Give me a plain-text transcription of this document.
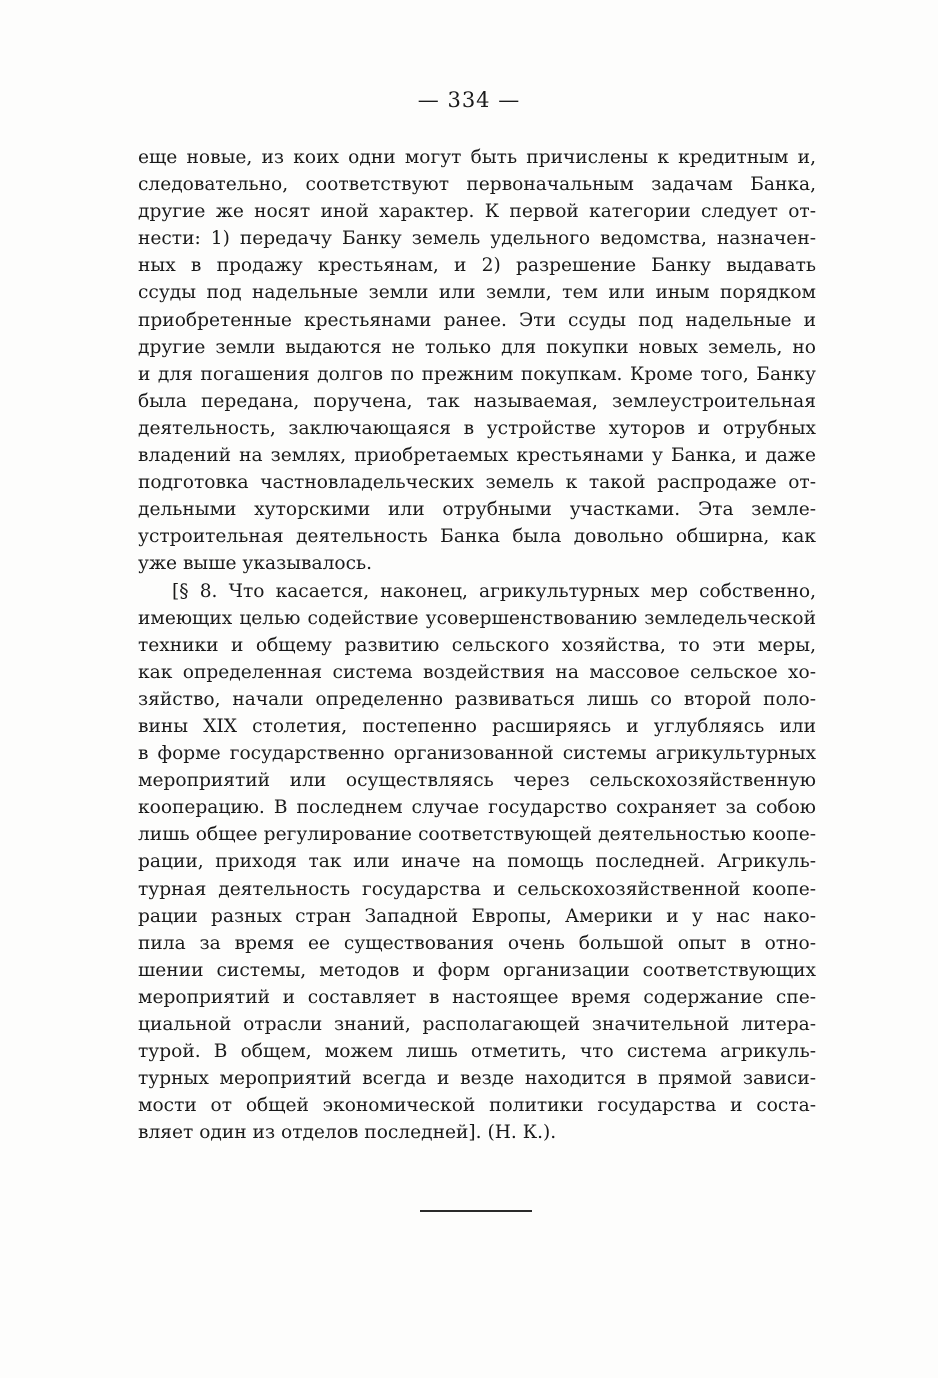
— 334 —
еще новые, из коих одни могут быть причислены к кредитным и,
следовательно, соответствуют первоначальным задачам Банка,
другие же носят иной характер. К первой категории следует от-
нести: 1) передачу Банку земель удельного ведомства, назначен-
ных в продажу крестьянам, и 2) разрешение Банку выдавать
ссуды под надельные земли или земли, тем или иным порядком
приобретенные крестьянами ранее. Эти ссуды под надельные и
другие земли выдаются не только для покупки новых земель, но
и для погашения долгов по прежним покупкам. Кроме того, Банку
была передана, поручена, так называемая, землеустроительная
деятельность, заключающаяся в устройстве хуторов и отрубных
владений на землях, приобретаемых крестьянами у Банка, и даже
подготовка частновладельческих земель к такой распродаже от-
дельными хуторскими или отрубными участками. Эта земле-
устроительная деятельность Банка была довольно обширна, как
уже выше указывалось.
[§ 8. Что касается, наконец, агрикультурных мер собственно,
имеющих целью содействие усовершенствованию земледельческой
техники и общему развитию сельского хозяйства, то эти меры,
как определенная система воздействия на массовое сельское хо-
зяйство, начали определенно развиваться лишь со второй поло-
вины XIX столетия, постепенно расширяясь и углубляясь или
в форме государственно организованной системы агрикультурных
мероприятий или осуществляясь через сельскохозяйственную
кооперацию. В последнем случае государство сохраняет за собою
лишь общее регулирование соответствующей деятельностью коопе-
рации, приходя так или иначе на помощь последней. Агрикуль-
турная деятельность государства и сельскохозяйственной коопе-
рации разных стран Западной Европы, Америки и у нас нако-
пила за время ее существования очень большой опыт в отно-
шении системы, методов и форм организации соответствующих
мероприятий и составляет в настоящее время содержание спе-
циальной отрасли знаний, располагающей значительной литера-
турой. В общем, можем лишь отметить, что система агрикуль-
турных мероприятий всегда и везде находится в прямой зависи-
мости от общей экономической политики государства и соста-
вляет один из отделов последней]. (Н. К.).
